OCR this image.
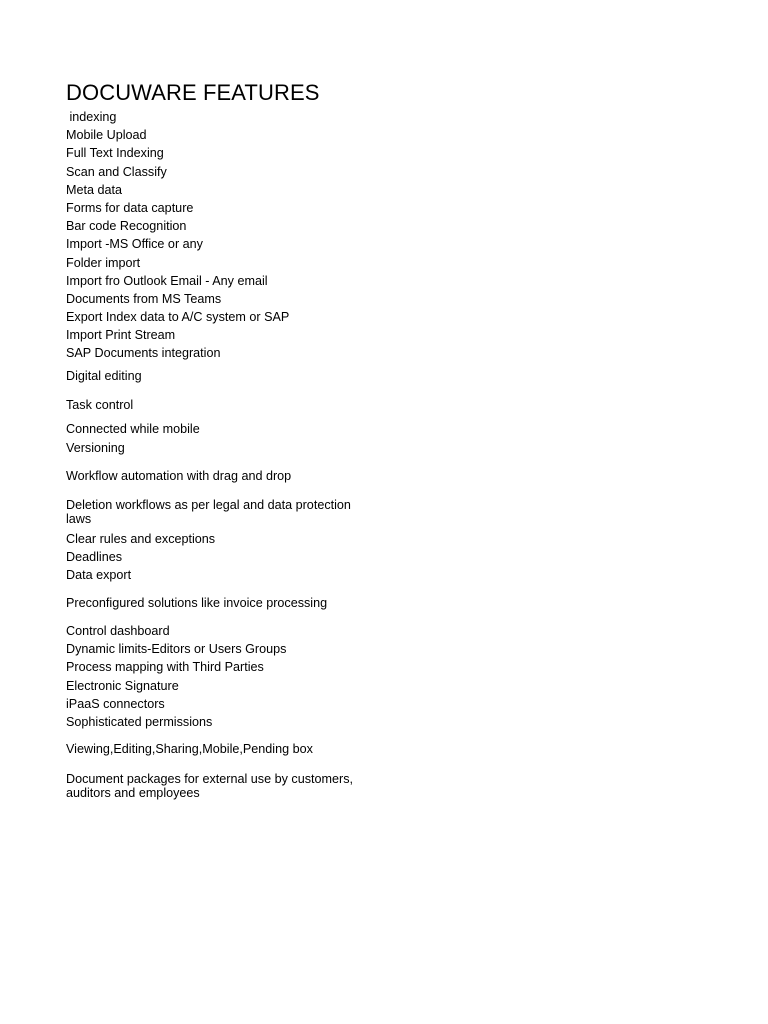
DOCUWARE FEATURES
indexing
Mobile Upload
Full Text Indexing
Scan and Classify
Meta data
Forms for data capture
Bar code Recognition
Import -MS Office or any
Folder import
Import fro Outlook Email - Any email
Documents from MS Teams
Export Index data to A/C system or SAP
Import Print Stream
SAP Documents integration
Digital editing
Task control
Connected while mobile
Versioning
Workflow automation with drag and drop
Deletion workflows as per legal and data protection laws
Clear rules and exceptions
Deadlines
Data export
Preconfigured solutions like invoice processing
Control dashboard
Dynamic limits-Editors or Users Groups
Process mapping with Third Parties
Electronic Signature
iPaaS connectors
Sophisticated permissions
Viewing,Editing,Sharing,Mobile,Pending box
Document packages for external use by customers, auditors and employees
